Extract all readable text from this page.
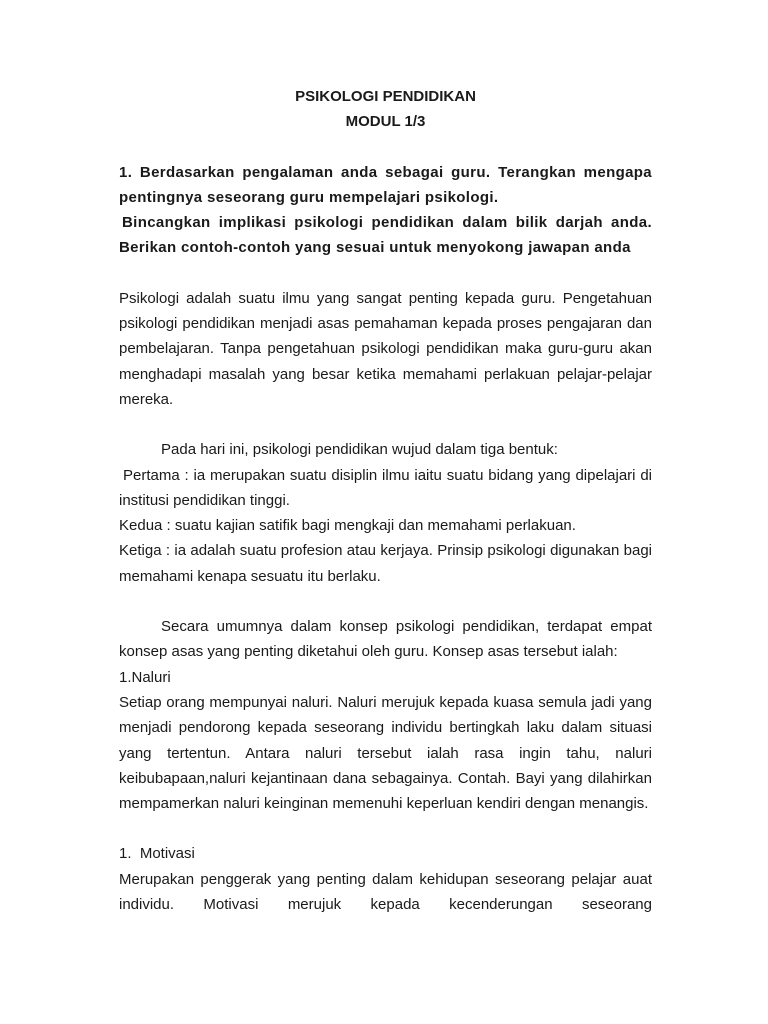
PSIKOLOGI PENDIDIKAN

MODUL 1/3

1. Berdasarkan pengalaman anda sebagai guru. Terangkan mengapa pentingnya seseorang guru mempelajari psikologi.

Bincangkan implikasi psikologi pendidikan dalam bilik darjah anda. Berikan contoh-contoh yang sesuai untuk menyokong jawapan anda

Psikologi adalah suatu ilmu yang sangat penting kepada guru. Pengetahuan psikologi pendidikan menjadi asas pemahaman kepada proses pengajaran dan pembelajaran. Tanpa pengetahuan psikologi pendidikan maka guru-guru akan menghadapi masalah yang besar ketika memahami perlakuan pelajar-pelajar mereka.

Pada hari ini, psikologi pendidikan wujud dalam tiga bentuk:

Pertama : ia merupakan suatu disiplin ilmu iaitu suatu bidang yang dipelajari di institusi pendidikan tinggi.

Kedua : suatu kajian satifik bagi mengkaji dan memahami perlakuan.

Ketiga : ia adalah suatu profesion atau kerjaya. Prinsip psikologi digunakan bagi memahami kenapa sesuatu itu berlaku.

Secara umumnya dalam konsep psikologi pendidikan, terdapat empat konsep asas yang penting diketahui oleh guru. Konsep asas tersebut ialah:

1.Naluri

Setiap orang mempunyai naluri. Naluri merujuk kepada kuasa semula jadi yang menjadi pendorong kepada seseorang individu bertingkah laku dalam situasi yang tertentun. Antara naluri tersebut ialah rasa ingin tahu, naluri keibubapaan,naluri kejantinaan dana sebagainya. Contah. Bayi yang dilahirkan mempamerkan naluri keinginan memenuhi keperluan kendiri dengan menangis.

1.  Motivasi

Merupakan penggerak yang penting dalam kehidupan seseorang pelajar auat individu. Motivasi merujuk kepada kecenderungan seseorang
